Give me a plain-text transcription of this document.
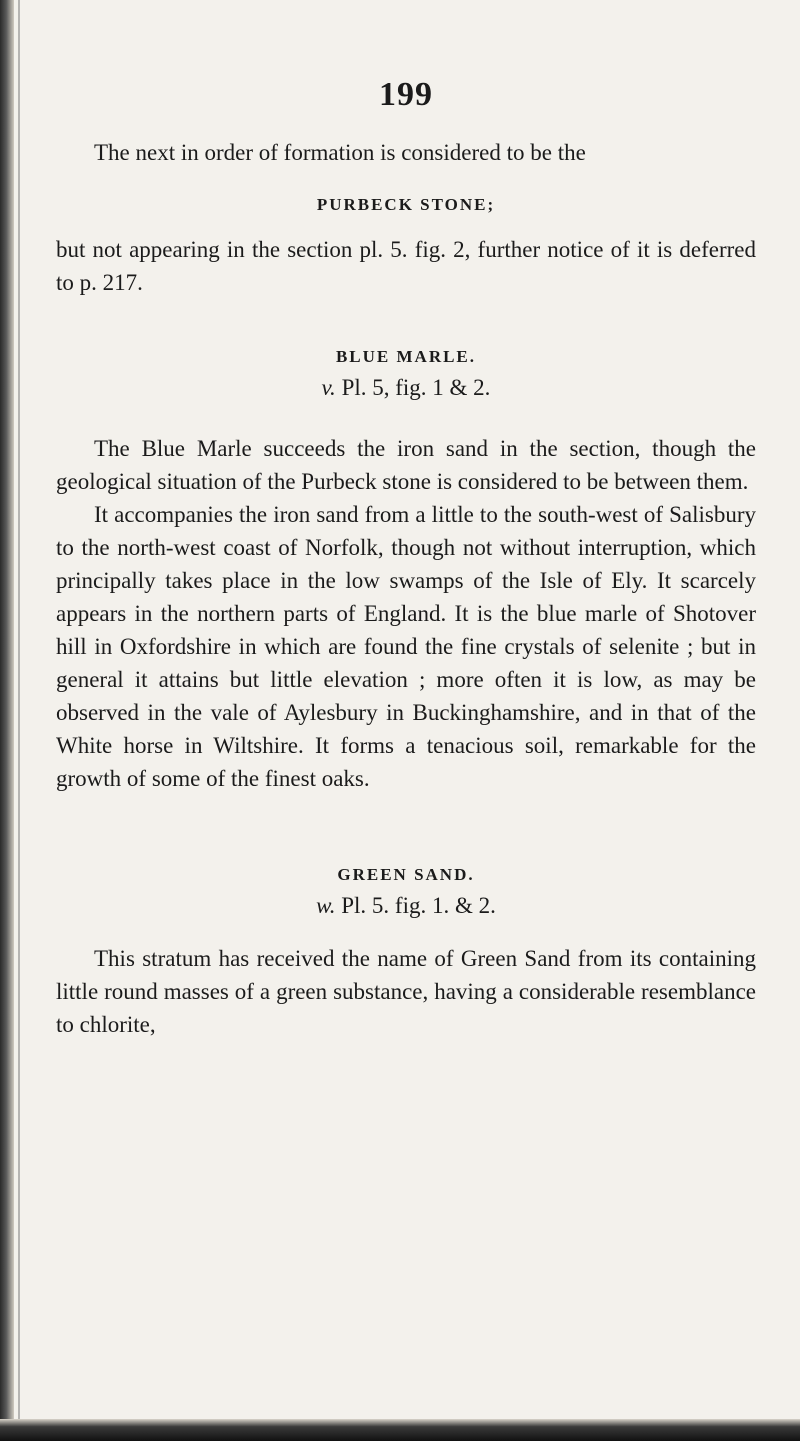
199

The next in order of formation is considered to be the

PURBECK STONE;

but not appearing in the section pl. 5. fig. 2, further notice of it is deferred to p. 217.

BLUE MARLE.
v. Pl. 5, fig. 1 & 2.

The Blue Marle succeeds the iron sand in the section, though the geological situation of the Purbeck stone is considered to be between them.

It accompanies the iron sand from a little to the south-west of Salisbury to the north-west coast of Norfolk, though not without interruption, which principally takes place in the low swamps of the Isle of Ely. It scarcely appears in the northern parts of England. It is the blue marle of Shotover hill in Oxfordshire in which are found the fine crystals of selenite ; but in general it attains but little elevation ; more often it is low, as may be observed in the vale of Aylesbury in Buckinghamshire, and in that of the White horse in Wiltshire. It forms a tenacious soil, remarkable for the growth of some of the finest oaks.

GREEN SAND.
w. Pl. 5. fig. 1. & 2.

This stratum has received the name of Green Sand from its containing little round masses of a green substance, having a considerable resemblance to chlorite,
